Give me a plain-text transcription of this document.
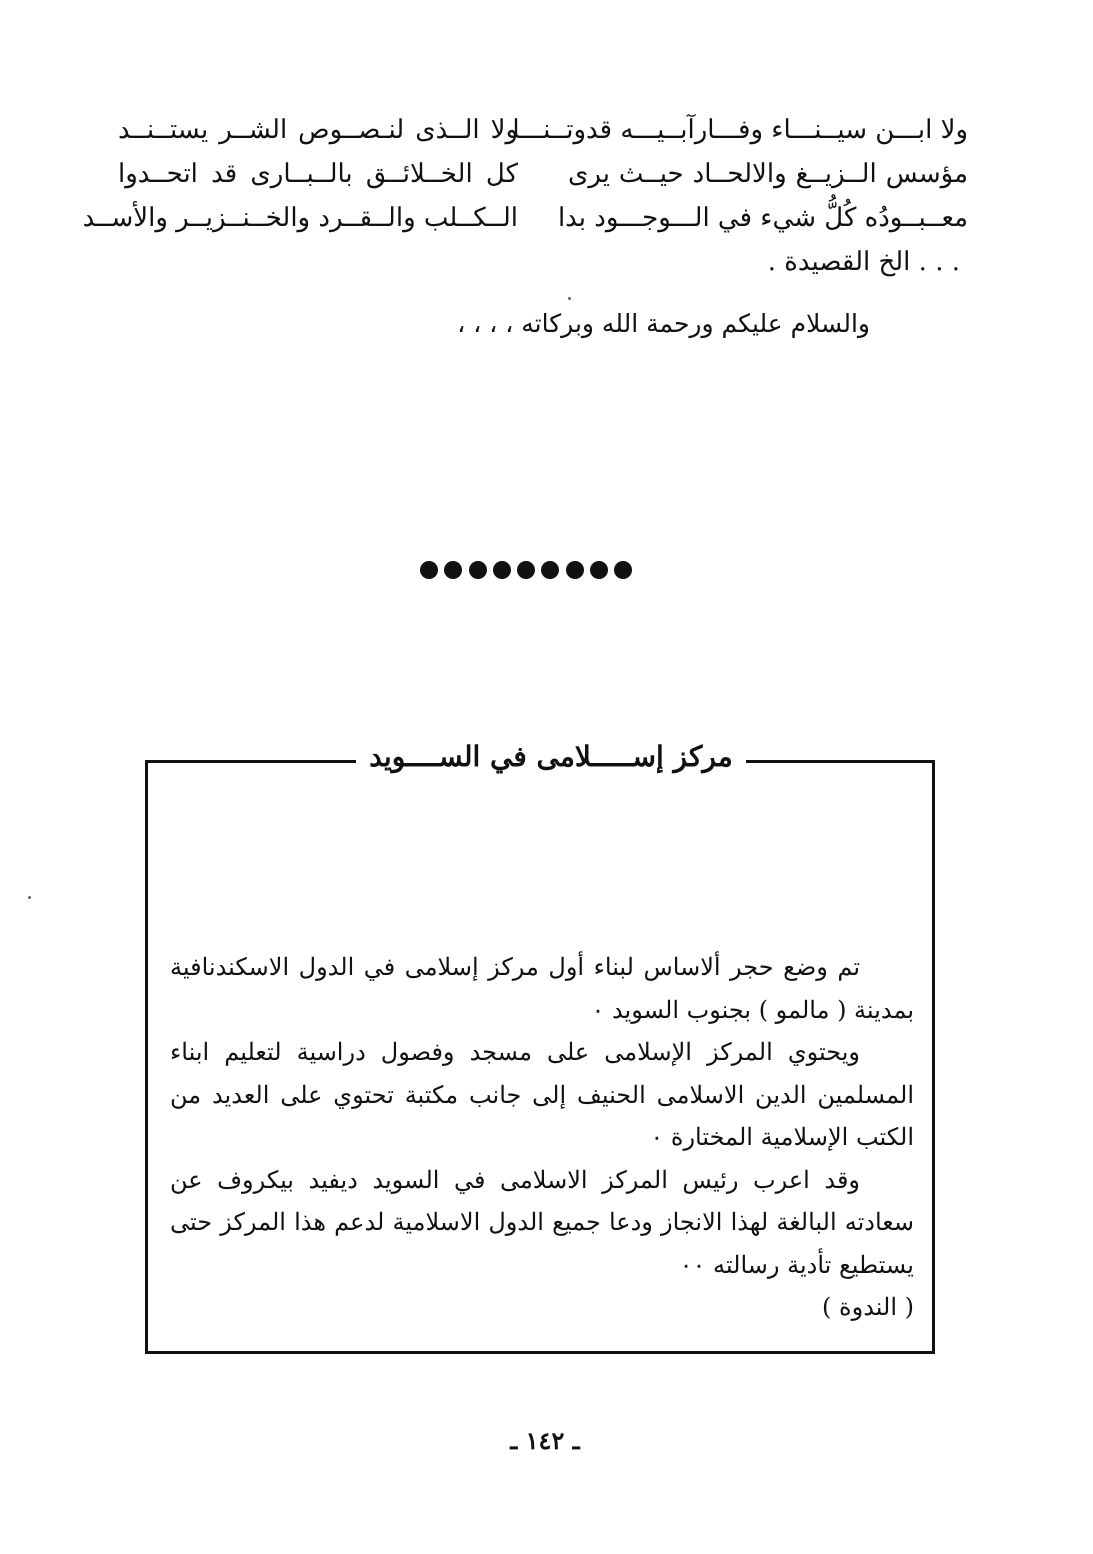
ولا ابـــن سيــنـــاء وفـــارآبــيـــه قدوتــنـــا
ولا الــذى لنـصــوص الشــر يستــنــد
مؤسس الــزيــغ والالحــاد حيــث يرى
كل الخــلائــق بالــبــارى قد اتحــدوا
معــبــودُه كُلُّ شيء في الـــوجـــود بدا
الــكــلب والــقــرد والخــنــزيــر والأســد
. . . الخ القصيدة .
والسلام عليكم ورحمة الله وبركاته ، ، ، ،
مركز إســـــلامى في الســــويد

تم وضع حجر ألاساس لبناء أول مركز إسلامى في الدول الاسكندنافية

بمدينة ( مالمو ) بجنوب السويد ٠

ويحتوي المركز الإسلامى على مسجد وفصول دراسية لتعليم ابناء المسلمين الدين الاسلامى الحنيف إلى جانب مكتبة تحتوي على العديد من الكتب الإسلامية المختارة ٠

وقد اعرب رئيس المركز الاسلامى في السويد ديفيد بيكروف عن سعادته البالغة لهذا الانجاز ودعا جميع الدول الاسلامية لدعم هذا المركز حتى يستطيع تأدية رسالته ٠٠

( الندوة )

ـ ١٤٢ ـ
